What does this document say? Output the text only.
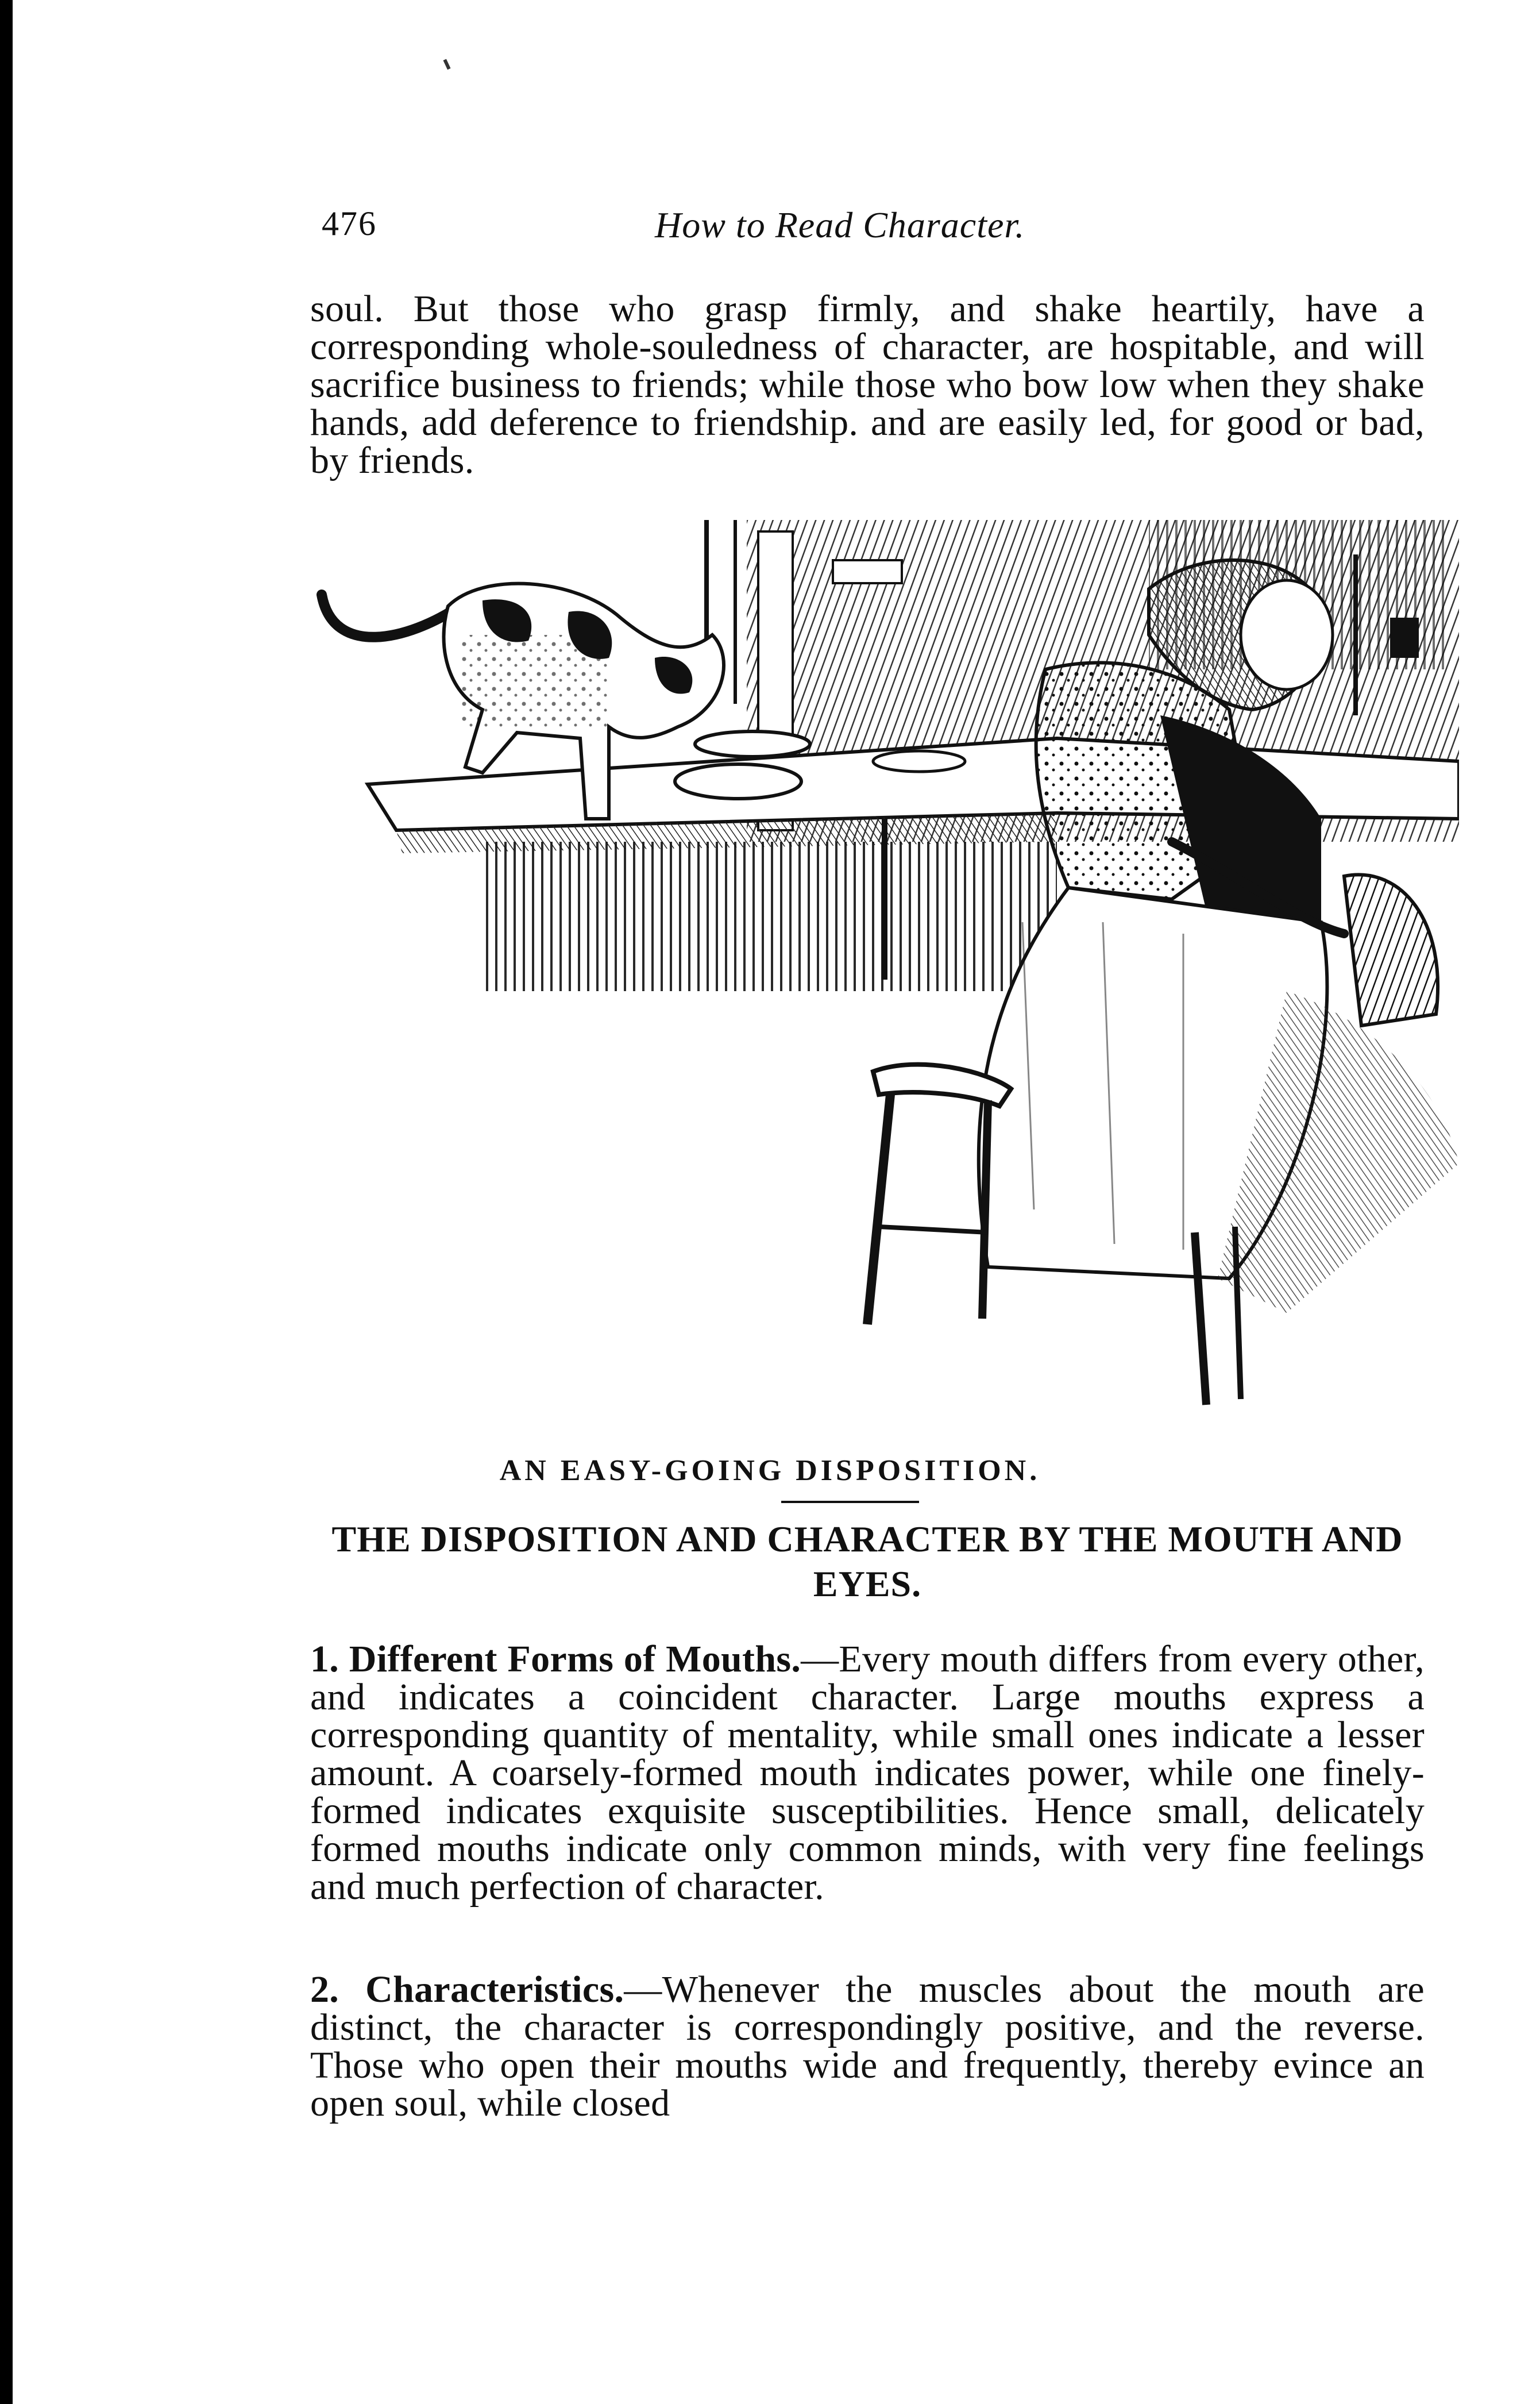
476	How to Read Character.

soul. But those who grasp firmly, and shake heartily, have a corresponding whole-souledness of character, are hospitable, and will sacrifice business to friends; while those who bow low when they shake hands, add deference to friendship. and are easily led, for good or bad, by friends.

AN EASY-GOING DISPOSITION.
THE DISPOSITION AND CHARACTER BY THE MOUTH AND EYES.

1. Different Forms of Mouths.—Every mouth differs from every other, and indicates a coincident character. Large mouths express a corresponding quantity of mentality, while small ones indicate a lesser amount. A coarsely-formed mouth indicates power, while one finely-formed indicates exquisite susceptibilities. Hence small, delicately formed mouths indicate only common minds, with very fine feelings and much perfection of character.

2. Characteristics.—Whenever the muscles about the mouth are distinct, the character is correspondingly positive, and the reverse. Those who open their mouths wide and frequently, thereby evince an open soul, while closed
